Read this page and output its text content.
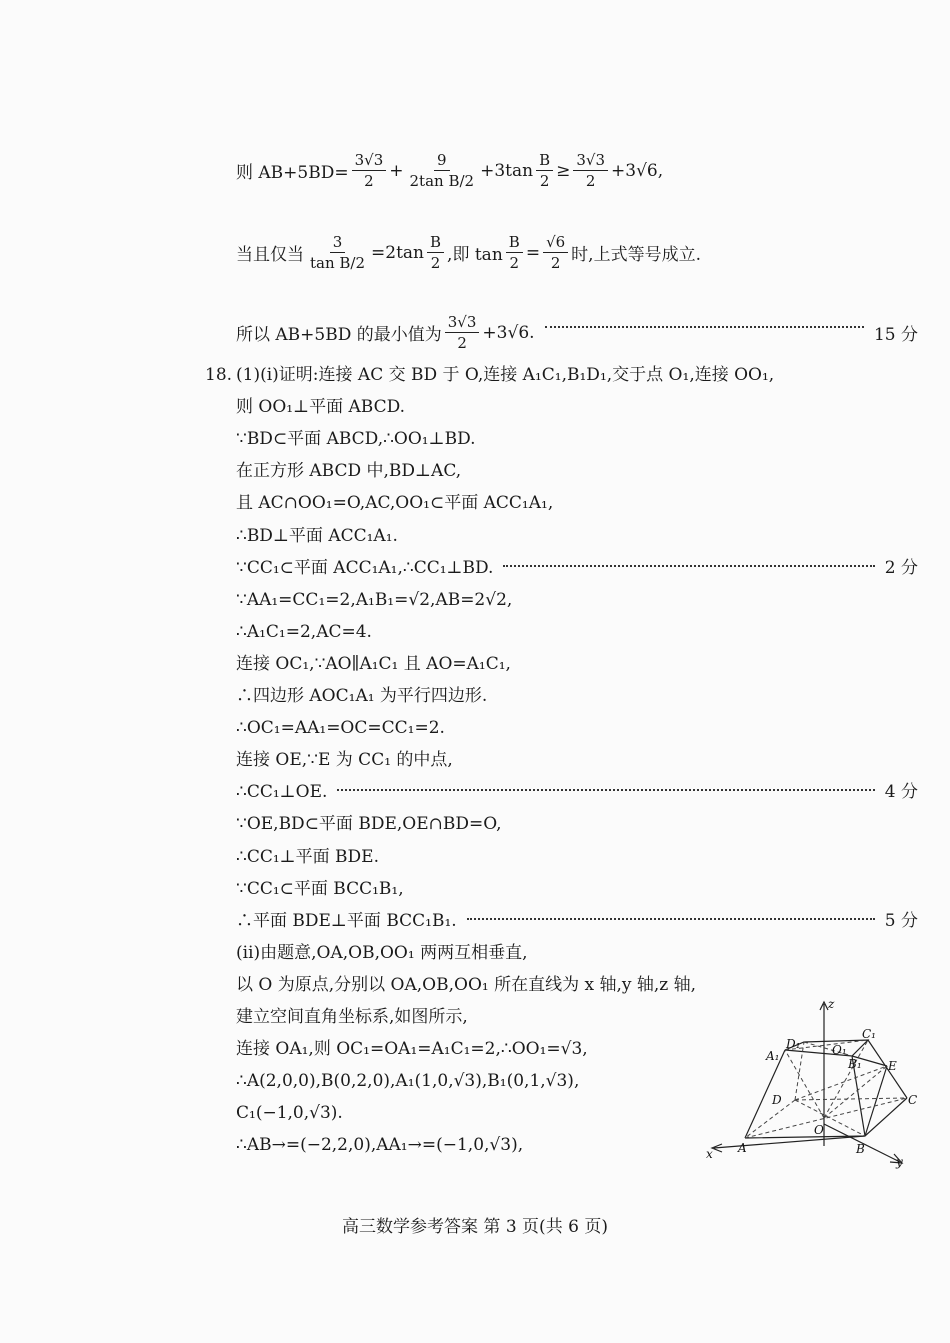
则 $AB+5BD= \frac{3√3}{2} + \frac{9}{\text{2tan B/2}} +3\tan \frac{B}{2} \ge \frac{3√3}{2} +3√6$,
当且仅当 $\frac{3}{\text{tan B/2}} =2\tan \frac{B}{2}$ ,即 $\tan \frac{B}{2} = \frac{√6}{2}$ 时,上式等号成立.
所以 AB+5BD 的最小值为 $\frac{3√3}{2} +3√6$.	15 分
18. (1)(ⅰ)证明:连接 AC 交 BD 于 O,连接 A₁C₁,B₁D₁,交于点 O₁,连接 OO₁,
则 OO₁⊥平面 ABCD.
∵BD⊂平面 ABCD,∴OO₁⊥BD.
在正方形 ABCD 中,BD⊥AC,
且 AC∩OO₁=O,AC,OO₁⊂平面 ACC₁A₁,
∴BD⊥平面 ACC₁A₁.
∵CC₁⊂平面 ACC₁A₁,∴CC₁⊥BD.	2 分
∵AA₁=CC₁=2,A₁B₁=√2,AB=2√2,
∴A₁C₁=2,AC=4.
连接 OC₁,∵AO∥A₁C₁ 且 AO=A₁C₁,
∴四边形 AOC₁A₁ 为平行四边形.
∴OC₁=AA₁=OC=CC₁=2.
连接 OE,∵E 为 CC₁ 的中点,
∴CC₁⊥OE.	4 分
∵OE,BD⊂平面 BDE,OE∩BD=O,
∴CC₁⊥平面 BDE.
∵CC₁⊂平面 BCC₁B₁,
∴平面 BDE⊥平面 BCC₁B₁.	5 分
(ⅱ)由题意,OA,OB,OO₁ 两两互相垂直,
以 O 为原点,分别以 OA,OB,OO₁ 所在直线为 x 轴,y 轴,z 轴,
建立空间直角坐标系,如图所示,
连接 OA₁,则 OC₁=OA₁=A₁C₁=2,∴OO₁=√3,
∴A(2,0,0),B(0,2,0),A₁(1,0,√3),B₁(0,1,√3),
C₁(−1,0,√3).
∴AB→=(−2,2,0),AA₁→=(−1,0,√3),
z
x
y
D₁
C₁
O₁
A₁
B₁ E
D	C
O
A	B
高三数学参考答案 第 3 页(共 6 页)
